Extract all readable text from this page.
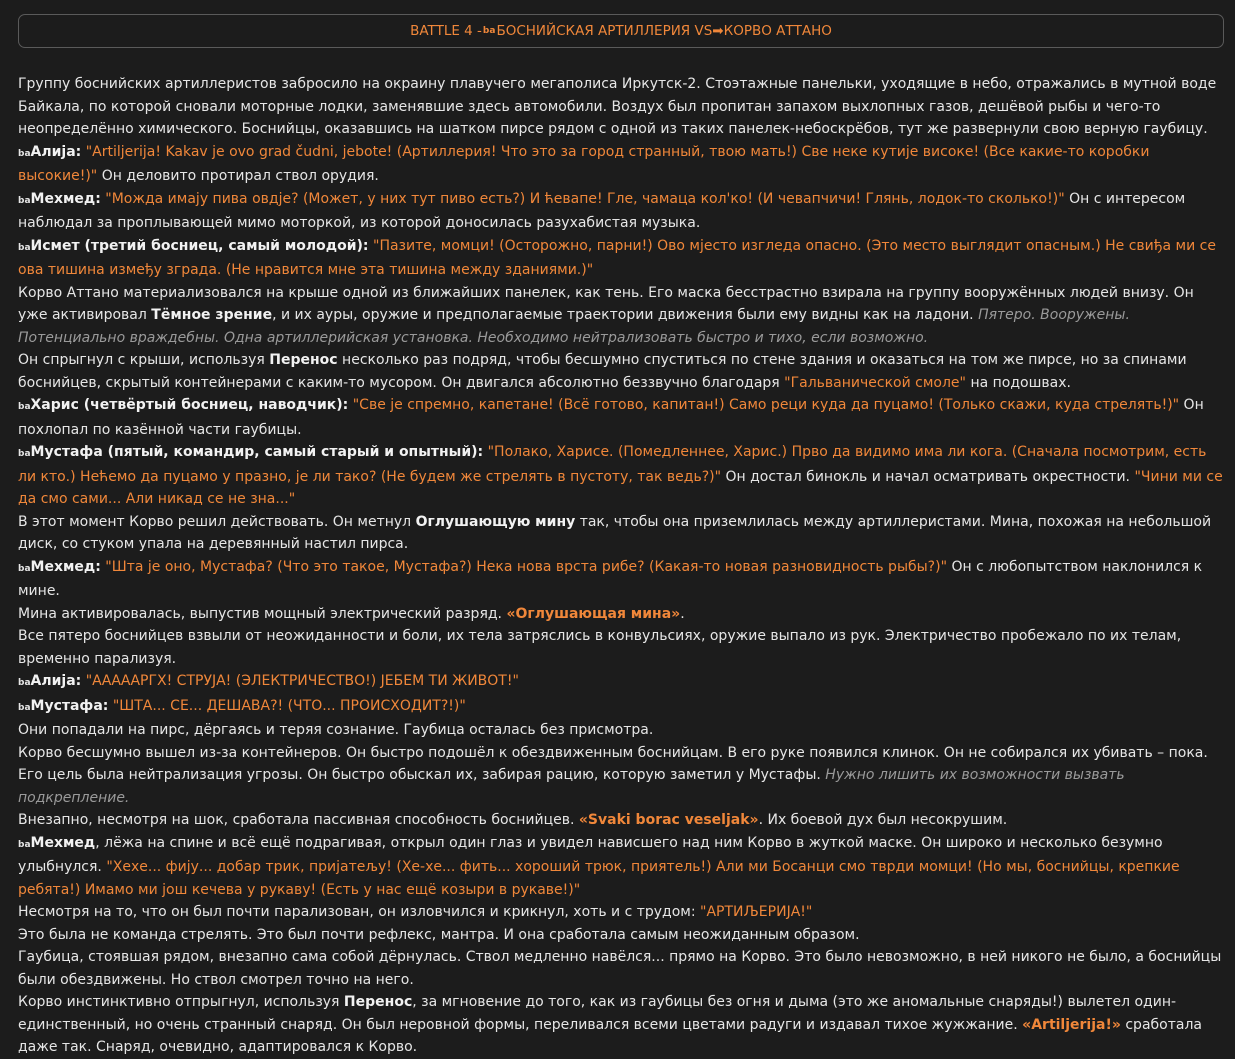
BATTLE 4 - ba БОСНИЙСКАЯ АРТИЛЛЕРИЯ VS ➡ КОРВО АТТАНО

Группу боснийских артиллеристов забросило на окраину плавучего мегаполиса Иркутск-2. Стоэтажные панельки, уходящие в небо, отражались в мутной воде Байкала, по которой сновали моторные лодки, заменявшие здесь автомобили. Воздух был пропитан запахом выхлопных газов, дешёвой рыбы и чего-то неопределённо химического. Боснийцы, оказавшись на шатком пирсе рядом с одной из таких панелек-небоскрёбов, тут же развернули свою верную гаубицу.

baАлија: "Artiljerija! Kakav je ovo grad čudni, jebote! (Артиллерия! Что это за город странный, твою мать!) Све неке кутије високе! (Все какие-то коробки высокие!)" Он деловито протирал ствол орудия.

baМехмед: "Можда имају пива овдје? (Может, у них тут пиво есть?) И ћевапе! Гле, чамаца кол'ко! (И чевапчичи! Глянь, лодок-то сколько!)" Он с интересом наблюдал за проплывающей мимо моторкой, из которой доносилась разухабистая музыка.

baИсмет (третий босниец, самый молодой): "Пазите, момци! (Осторожно, парни!) Ово мјесто изгледа опасно. (Это место выглядит опасным.) Не свиђа ми се ова тишина између зграда. (Не нравится мне эта тишина между зданиями.)"

Корво Аттано материализовался на крыше одной из ближайших панелек, как тень. Его маска бесстрастно взирала на группу вооружённых людей внизу. Он уже активировал Тёмное зрение, и их ауры, оружие и предполагаемые траектории движения были ему видны как на ладони. Пятеро. Вооружены. Потенциально враждебны. Одна артиллерийская установка. Необходимо нейтрализовать быстро и тихо, если возможно.

Он спрыгнул с крыши, используя Перенос несколько раз подряд, чтобы бесшумно спуститься по стене здания и оказаться на том же пирсе, но за спинами боснийцев, скрытый контейнерами с каким-то мусором. Он двигался абсолютно беззвучно благодаря "Гальванической смоле" на подошвах.

baХарис (четвёртый босниец, наводчик): "Све је спремно, капетане! (Всё готово, капитан!) Само реци куда да пуцамо! (Только скажи, куда стрелять!)" Он похлопал по казённой части гаубицы.

baМустафа (пятый, командир, самый старый и опытный): "Полако, Харисе. (Помедленнее, Харис.) Прво да видимо има ли кога. (Сначала посмотрим, есть ли кто.) Нећемо да пуцамо у празно, је ли тако? (Не будем же стрелять в пустоту, так ведь?)" Он достал бинокль и начал осматривать окрестности. "Чини ми се да смо сами... Али никад се не зна..."

В этот момент Корво решил действовать. Он метнул Оглушающую мину так, чтобы она приземлилась между артиллеристами. Мина, похожая на небольшой диск, со стуком упала на деревянный настил пирса.

baМехмед: "Шта је оно, Мустафа? (Что это такое, Мустафа?) Нека нова врста рибе? (Какая-то новая разновидность рыбы?)" Он с любопытством наклонился к мине.

Мина активировалась, выпустив мощный электрический разряд. «Оглушающая мина».

Все пятеро боснийцев взвыли от неожиданности и боли, их тела затряслись в конвульсиях, оружие выпало из рук. Электричество пробежало по их телам, временно парализуя.

baАлија: "АААААРГХ! СТРУЈА! (ЭЛЕКТРИЧЕСТВО!) ЈЕБЕМ ТИ ЖИВОТ!"

baМустафа: "ШТА... СЕ... ДЕШАВА?! (ЧТО... ПРОИСХОДИТ?!)"

Они попадали на пирс, дёргаясь и теряя сознание. Гаубица осталась без присмотра.

Корво бесшумно вышел из-за контейнеров. Он быстро подошёл к обездвиженным боснийцам. В его руке появился клинок. Он не собирался их убивать – пока. Его цель была нейтрализация угрозы. Он быстро обыскал их, забирая рацию, которую заметил у Мустафы. Нужно лишить их возможности вызвать подкрепление.

Внезапно, несмотря на шок, сработала пассивная способность боснийцев. «Svaki borac veseljak». Их боевой дух был несокрушим.

baМехмед, лёжа на спине и всё ещё подрагивая, открыл один глаз и увидел нависшего над ним Корво в жуткой маске. Он широко и несколько безумно улыбнулся. "Хехе... фију... добар трик, пријатељу! (Хе-хе... фить... хороший трюк, приятель!) Али ми Босанци смо тврди момци! (Но мы, боснийцы, крепкие ребята!) Имамо ми још кечева у рукаву! (Есть у нас ещё козыри в рукаве!)"

Несмотря на то, что он был почти парализован, он изловчился и крикнул, хоть и с трудом: "АРТИЉЕРИЈА!"

Это была не команда стрелять. Это был почти рефлекс, мантра. И она сработала самым неожиданным образом.

Гаубица, стоявшая рядом, внезапно сама собой дёрнулась. Ствол медленно навёлся... прямо на Корво. Это было невозможно, в ней никого не было, а боснийцы были обездвижены. Но ствол смотрел точно на него.

Корво инстинктивно отпрыгнул, используя Перенос, за мгновение до того, как из гаубицы без огня и дыма (это же аномальные снаряды!) вылетел один-единственный, но очень странный снаряд. Он был неровной формы, переливался всеми цветами радуги и издавал тихое жужжание. «Artiljerija!» сработала даже так. Снаряд, очевидно, адаптировался к Корво.
